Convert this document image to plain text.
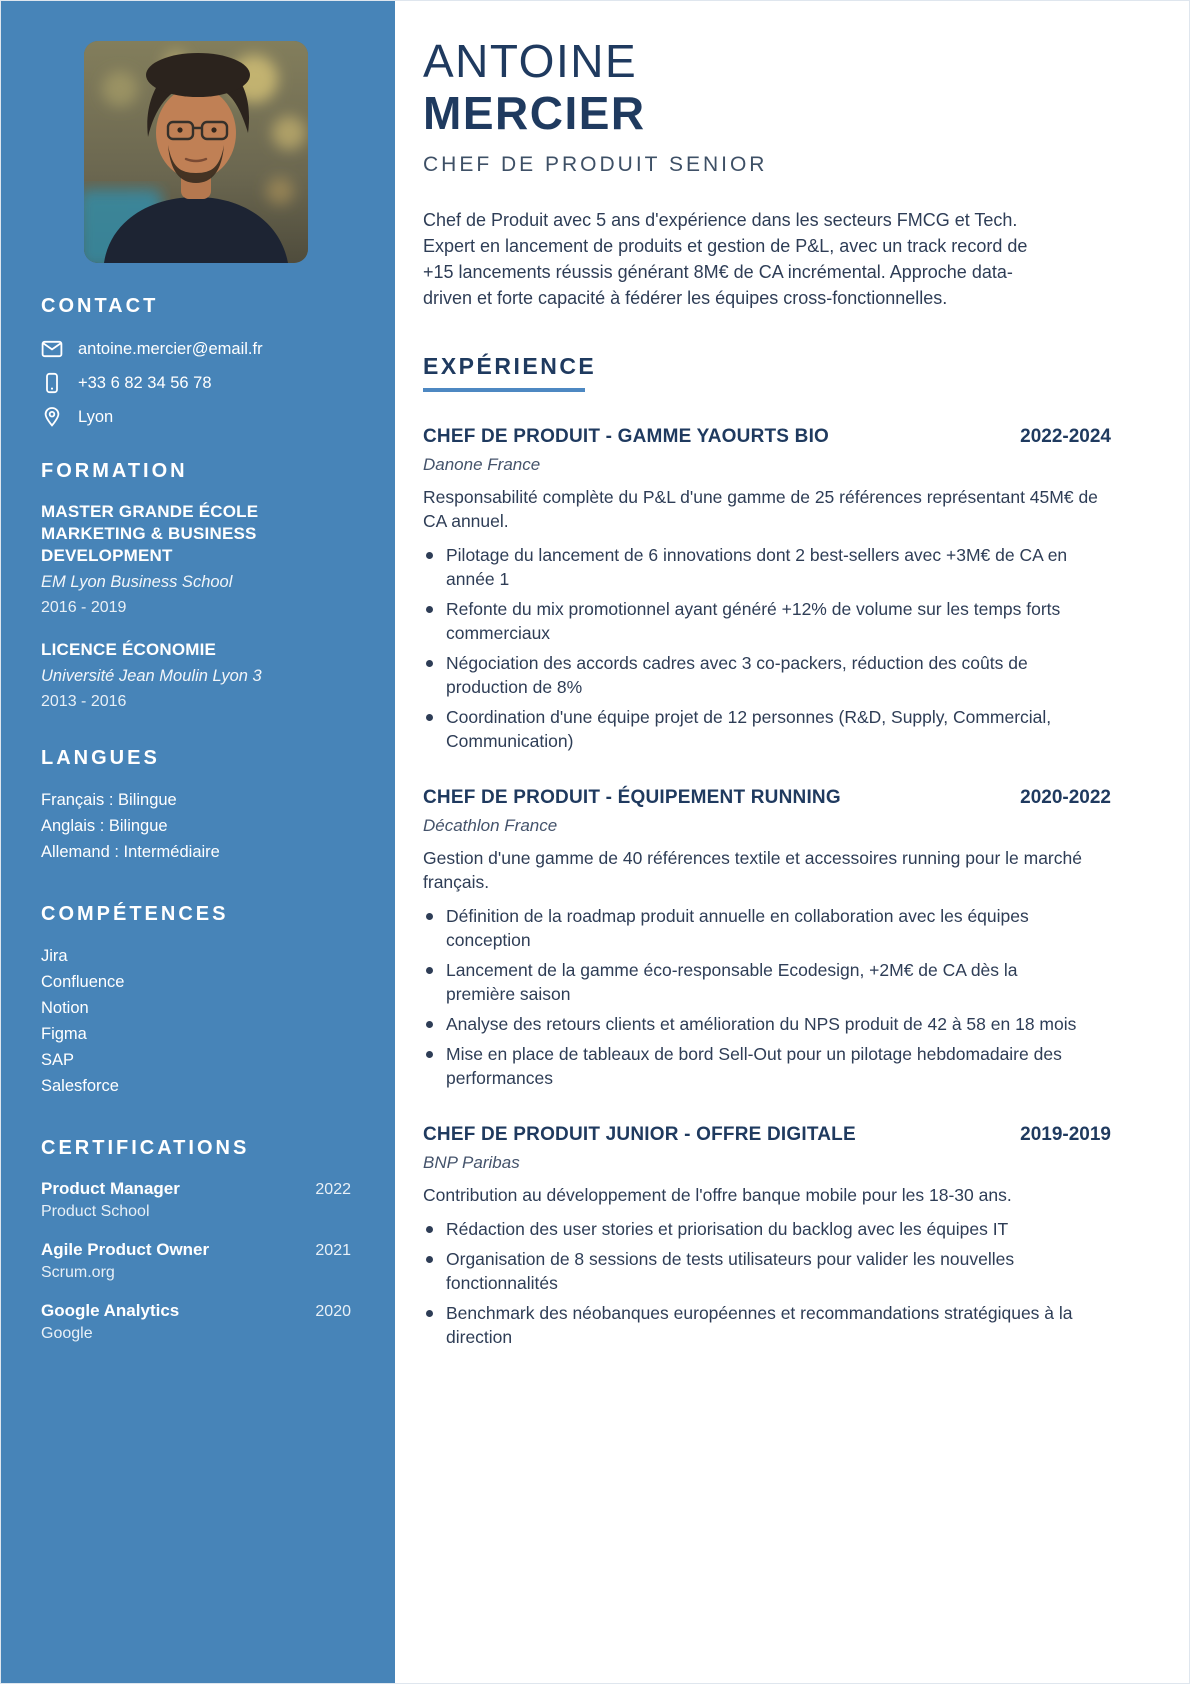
CONTACT
antoine.mercier@email.fr
+33 6 82 34 56 78
Lyon
FORMATION
MASTER GRANDE ÉCOLE MARKETING & BUSINESS DEVELOPMENT
EM Lyon Business School
2016 - 2019
LICENCE ÉCONOMIE
Université Jean Moulin Lyon 3
2013 - 2016
LANGUES
Français : Bilingue
Anglais : Bilingue
Allemand : Intermédiaire
COMPÉTENCES
Jira
Confluence
Notion
Figma
SAP
Salesforce
CERTIFICATIONS
Product Manager	2022
Product School
Agile Product Owner	2021
Scrum.org
Google Analytics	2020
Google
ANTOINE
MERCIER
CHEF DE PRODUIT SENIOR

Chef de Produit avec 5 ans d'expérience dans les secteurs FMCG et Tech. Expert en lancement de produits et gestion de P&L, avec un track record de +15 lancements réussis générant 8M€ de CA incrémental. Approche data-driven et forte capacité à fédérer les équipes cross-fonctionnelles.

EXPÉRIENCE
CHEF DE PRODUIT - GAMME YAOURTS BIO	2022-2024
Danone France

Responsabilité complète du P&L d'une gamme de 25 références représentant 45M€ de CA annuel.

Pilotage du lancement de 6 innovations dont 2 best-sellers avec +3M€ de CA en année 1
Refonte du mix promotionnel ayant généré +12% de volume sur les temps forts commerciaux
Négociation des accords cadres avec 3 co-packers, réduction des coûts de production de 8%
Coordination d'une équipe projet de 12 personnes (R&D, Supply, Commercial, Communication)
CHEF DE PRODUIT - ÉQUIPEMENT RUNNING	2020-2022
Décathlon France

Gestion d'une gamme de 40 références textile et accessoires running pour le marché français.

Définition de la roadmap produit annuelle en collaboration avec les équipes conception
Lancement de la gamme éco-responsable Ecodesign, +2M€ de CA dès la première saison
Analyse des retours clients et amélioration du NPS produit de 42 à 58 en 18 mois
Mise en place de tableaux de bord Sell-Out pour un pilotage hebdomadaire des performances
CHEF DE PRODUIT JUNIOR - OFFRE DIGITALE	2019-2019
BNP Paribas

Contribution au développement de l'offre banque mobile pour les 18-30 ans.

Rédaction des user stories et priorisation du backlog avec les équipes IT
Organisation de 8 sessions de tests utilisateurs pour valider les nouvelles fonctionnalités
Benchmark des néobanques européennes et recommandations stratégiques à la direction
